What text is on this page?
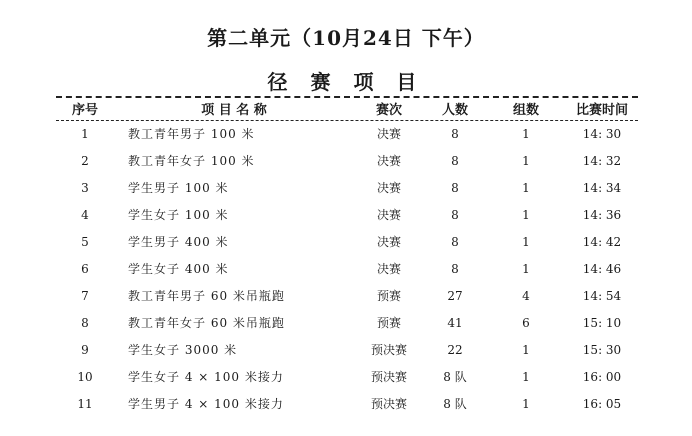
第二单元（10月24日 下午）
径 赛 项 目
序号	项 目 名 称	赛次	人数	组数	比赛时间
1	教工青年男子 100 米	决赛	8	1	14: 30
2	教工青年女子 100 米	决赛	8	1	14: 32
3	学生男子 100 米	决赛	8	1	14: 34
4	学生女子 100 米	决赛	8	1	14: 36
5	学生男子 400 米	决赛	8	1	14: 42
6	学生女子 400 米	决赛	8	1	14: 46
7	教工青年男子 60 米吊瓶跑	预赛	27	4	14: 54
8	教工青年女子 60 米吊瓶跑	预赛	41	6	15: 10
9	学生女子 3000 米	预决赛	22	1	15: 30
10	学生女子 4 × 100 米接力	预决赛	8 队	1	16: 00
11	学生男子 4 × 100 米接力	预决赛	8 队	1	16: 05
